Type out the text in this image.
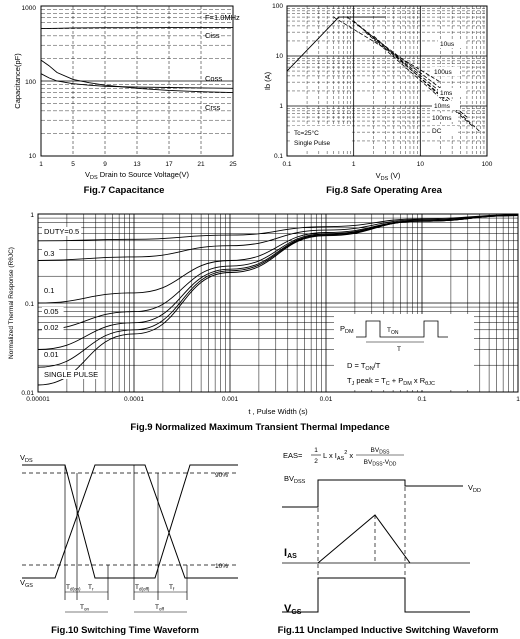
F=1.0MHz
Ciss
Coss
Crss
1000
100
10
1	5	9	13	17	21	25
Capacitance(pF)
$V_{DS}$ Drain to Source Voltage(V)
Fig.7 Capacitance
Tc=25°C
Single Pulse
10us
100us
1ms
10ms
100ms
DC
100
10
1
0.1
0.1	1	10	100
Ib (A)
$V_{DS}$ (V)
Fig.8 Safe Operating Area
DUTY=0.5
0.3
0.1
0.05
0.02
0.01
SINGLE PULSE
1
0.1
0.01
0.00001	0.0001	0.001	0.01	0.1	1
$P_{DM}$	$T_{ON}$
T
$D = T_{ON}/T$
$T_J$ peak = $T_C + P_{DM}$ x $R_{\theta JC}$
Normalized Thermal Response (RθJC)
t , Pulse Width (s)
Fig.9 Normalized Maximum Transient Thermal Impedance
$V_{DS}$
$V_{GS}$
90%
10%
$T_{d(on)}$ $T_r$
$T_{on}$
$T_{d(off)}$	$T_f$
$T_{off}$
Fig.10 Switching Time Waveform
EAS=
1
2
L x $I_{AS}^2$ x
$BV_{DSS}$
$BV_{DSS}-V_{DD}$
$BV_{DSS}$
$V_{DD}$
IAS
VGS
Fig.11 Unclamped Inductive Switching Waveform
